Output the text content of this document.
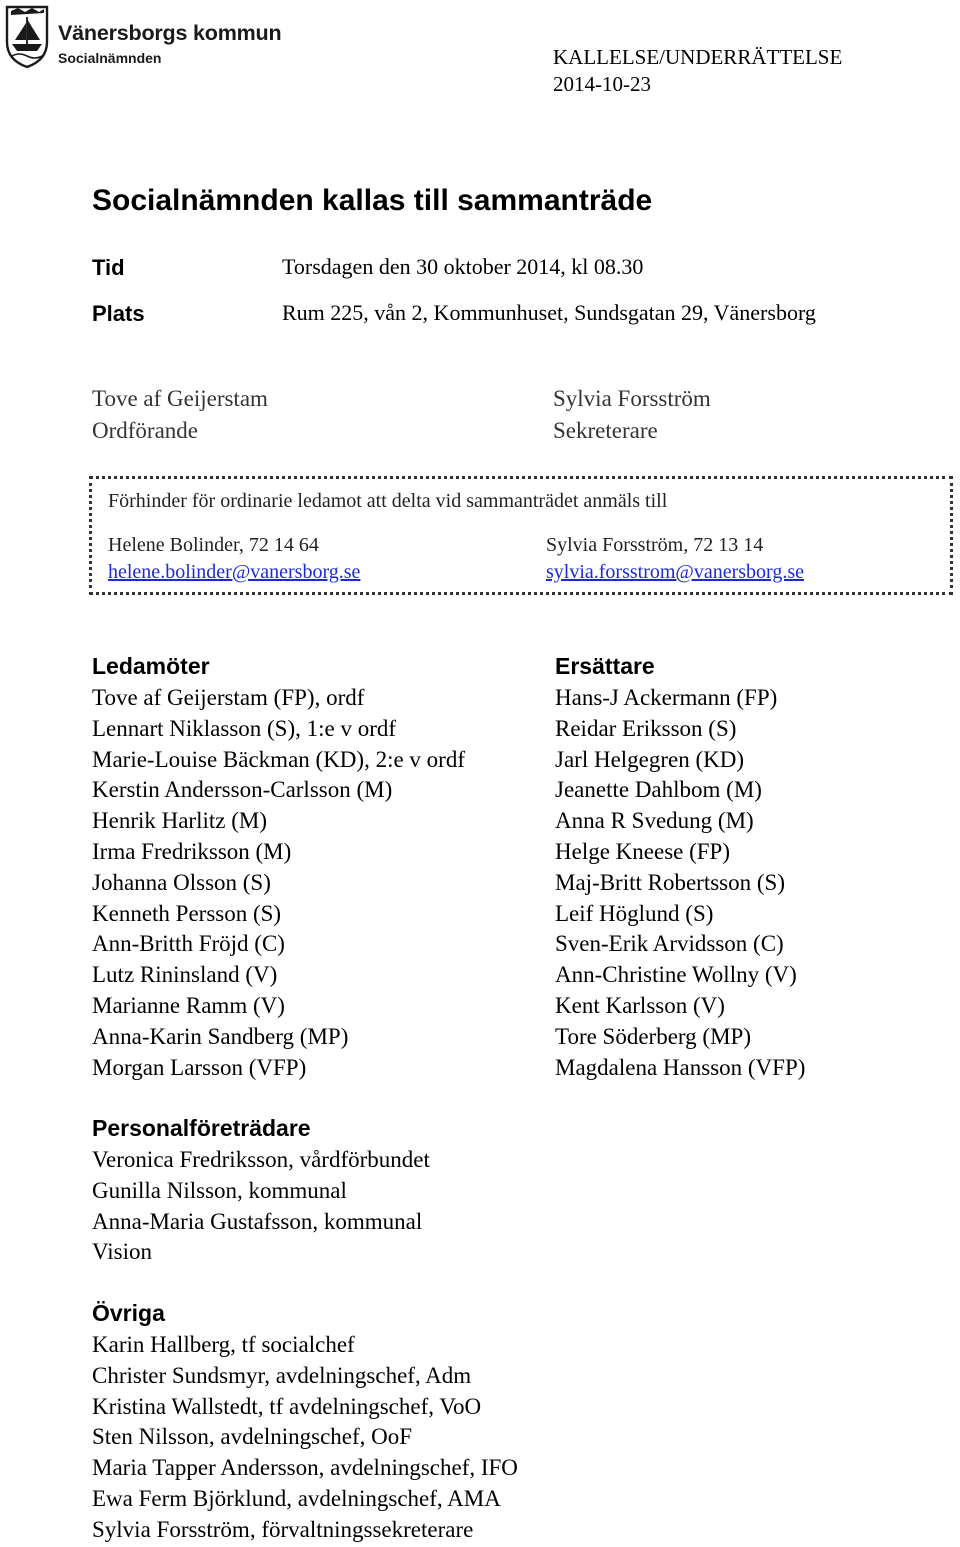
Vänersborgs kommun
Socialnämnden	KALLELSE/UNDERRÄTTELSE
2014-10-23
Socialnämnden kallas till sammanträde
Tid	Torsdagen den 30 oktober 2014, kl 08.30
Plats	Rum 225, vån 2, Kommunhuset, Sundsgatan 29, Vänersborg
Tove af Geijerstam
Ordförande
Sylvia Forsström
Sekreterare
Förhinder för ordinarie ledamot att delta vid sammanträdet anmäls till
Helene Bolinder, 72 14 64
helene.bolinder@vanersborg.se
Sylvia Forsström, 72 13 14
sylvia.forsstrom@vanersborg.se
Ledamöter
Tove af Geijerstam (FP), ordf
Lennart Niklasson (S), 1:e v ordf
Marie-Louise Bäckman (KD), 2:e v ordf
Kerstin Andersson-Carlsson (M)
Henrik Harlitz (M)
Irma Fredriksson (M)
Johanna Olsson (S)
Kenneth Persson (S)
Ann-Britth Fröjd (C)
Lutz Rininsland (V)
Marianne Ramm (V)
Anna-Karin Sandberg (MP)
Morgan Larsson (VFP)
Ersättare
Hans-J Ackermann (FP)
Reidar Eriksson (S)
Jarl Helgegren (KD)
Jeanette Dahlbom (M)
Anna R Svedung (M)
Helge Kneese (FP)
Maj-Britt Robertsson (S)
Leif Höglund (S)
Sven-Erik Arvidsson (C)
Ann-Christine Wollny (V)
Kent Karlsson (V)
Tore Söderberg (MP)
Magdalena Hansson (VFP)
Personalföreträdare
Veronica Fredriksson, vårdförbundet
Gunilla Nilsson, kommunal
Anna-Maria Gustafsson, kommunal
Vision
Övriga
Karin Hallberg, tf socialchef
Christer Sundsmyr, avdelningschef, Adm
Kristina Wallstedt, tf avdelningschef, VoO
Sten Nilsson, avdelningschef, OoF
Maria Tapper Andersson, avdelningschef, IFO
Ewa Ferm Björklund, avdelningschef, AMA
Sylvia Forsström, förvaltningssekreterare
